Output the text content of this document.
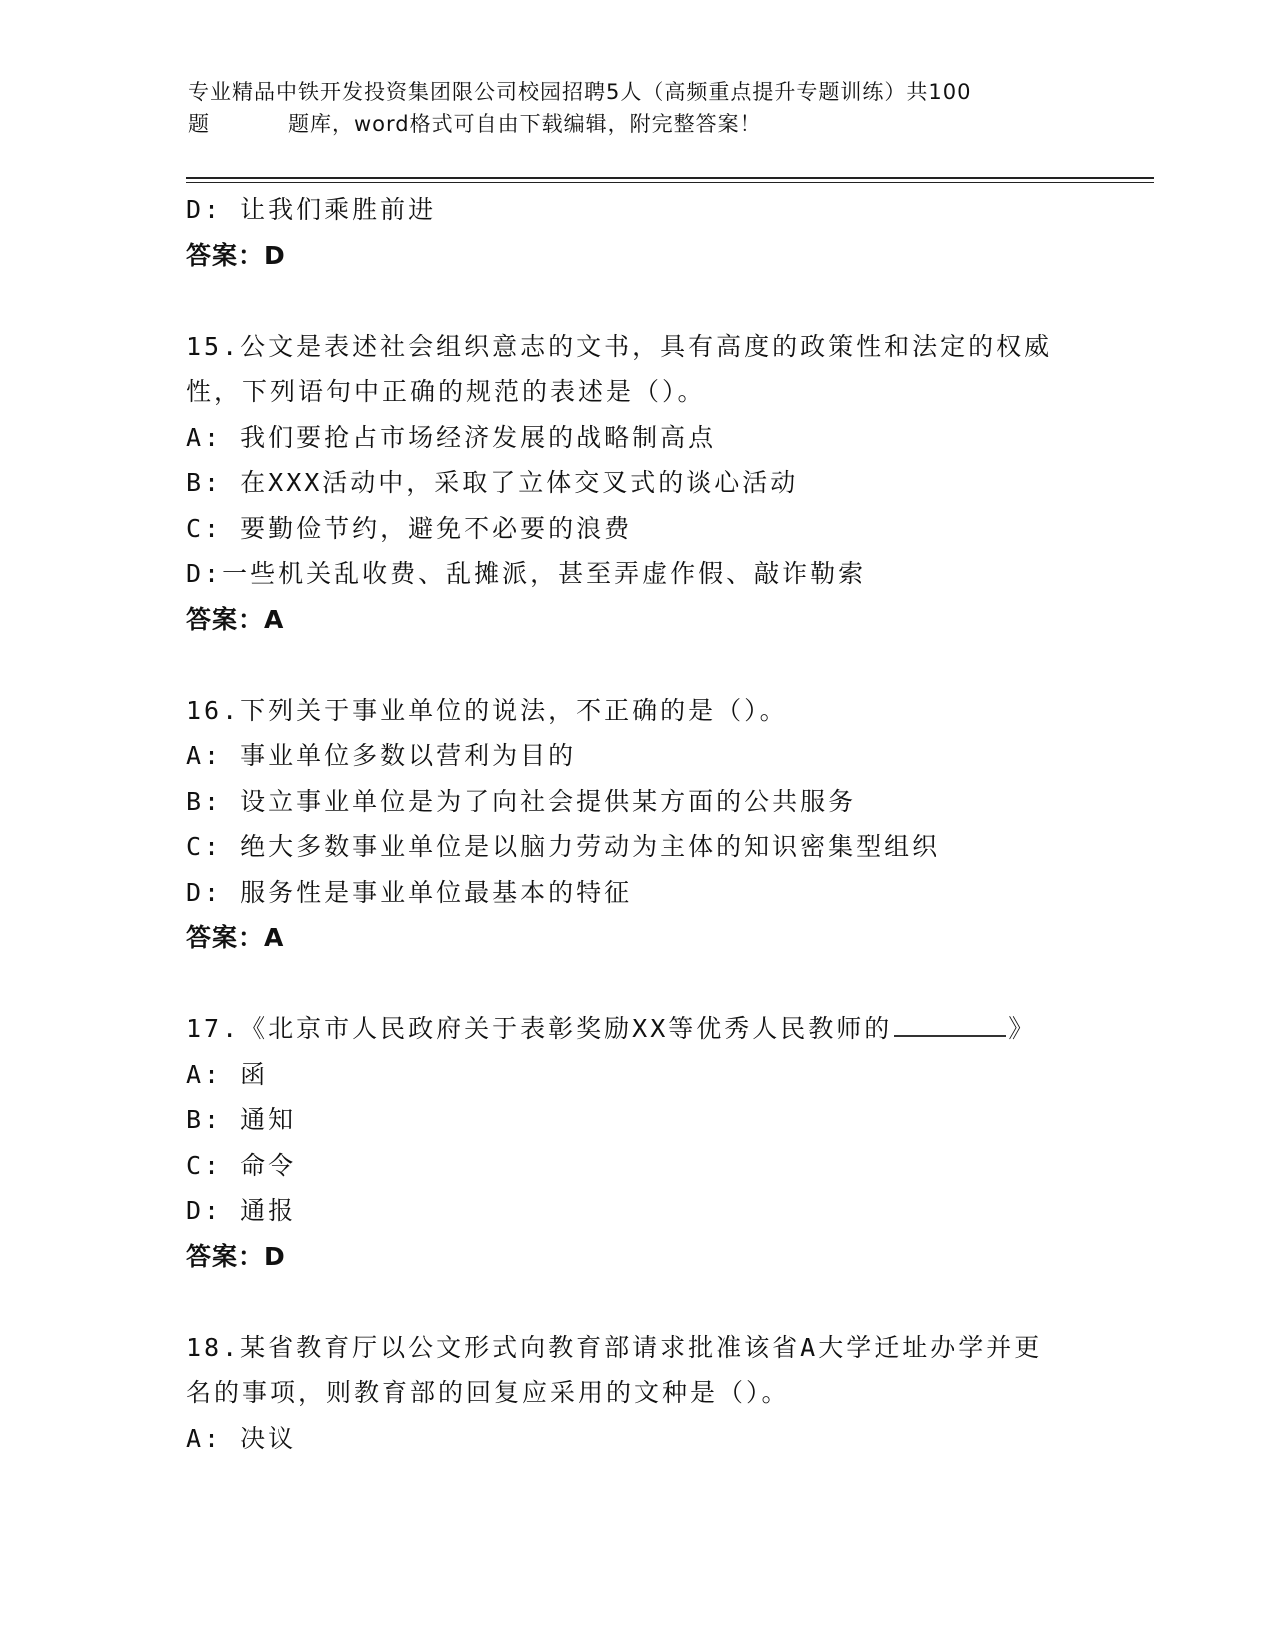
专业精品中铁开发投资集团限公司校园招聘5人（高频重点提升专题训练）共100
题	题库，word格式可自由下载编辑，附完整答案！
D: 让我们乘胜前进
答案：D
15.公文是表述社会组织意志的文书，具有高度的政策性和法定的权威
性，下列语句中正确的规范的表述是（）。
A: 我们要抢占市场经济发展的战略制高点
B: 在XXX活动中，采取了立体交叉式的谈心活动
C: 要勤俭节约，避免不必要的浪费
D:一些机关乱收费、乱摊派，甚至弄虚作假、敲诈勒索
答案：A
16.下列关于事业单位的说法，不正确的是（）。
A: 事业单位多数以营利为目的
B: 设立事业单位是为了向社会提供某方面的公共服务
C: 绝大多数事业单位是以脑力劳动为主体的知识密集型组织
D: 服务性是事业单位最基本的特征
答案：A
17.《北京市人民政府关于表彰奖励XX等优秀人民教师的	》
A: 函
B: 通知
C: 命令
D: 通报
答案：D
18.某省教育厅以公文形式向教育部请求批准该省A大学迁址办学并更
名的事项，则教育部的回复应采用的文种是（）。
A: 决议
